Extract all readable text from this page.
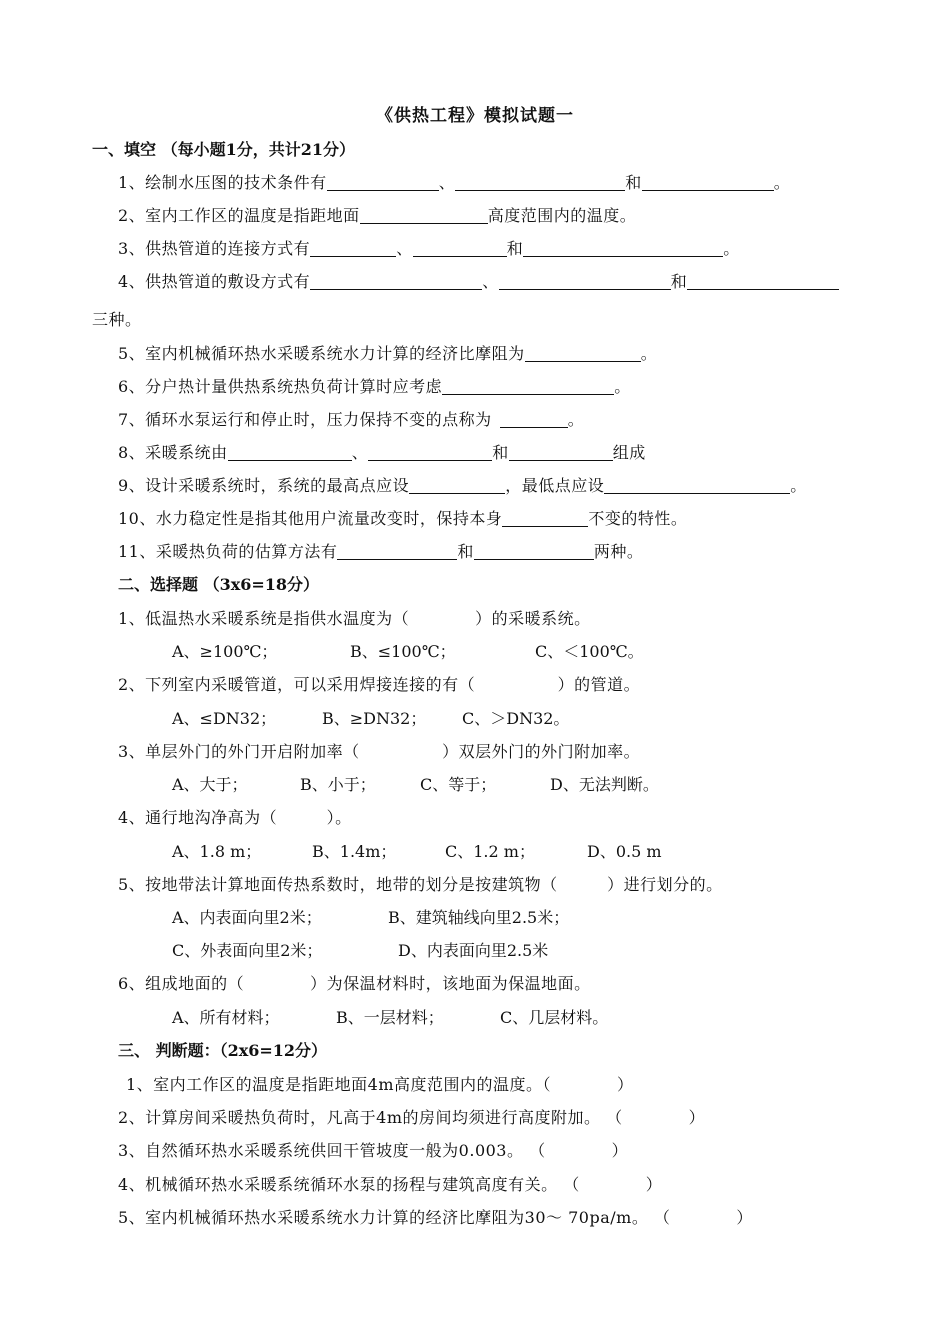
《供热工程》模拟试题一
一、填空 （每小题1分，共计21分）
1、绘制水压图的技术条件有	、	和	。
2、室内工作区的温度是指距地面	高度范围内的温度。
3、供热管道的连接方式有	、	和	。
4、供热管道的敷设方式有	、	和
三种。
5、室内机械循环热水采暖系统水力计算的经济比摩阻为	。
6、分户热计量供热系统热负荷计算时应考虑	。
7、循环水泵运行和停止时，压力保持不变的点称为	。
8、采暖系统由	、	和	组成
9、设计采暖系统时，系统的最高点应设	，最低点应设	。
10、水力稳定性是指其他用户流量改变时，保持本身	不变的特性。
11、采暖热负荷的估算方法有	和	两种。
二、选择题 （3x6=18分）
1、低温热水采暖系统是指供水温度为（　　　　）的采暖系统。
A、≥100℃；	B、≤100℃；	C、＜100℃。
2、下列室内采暖管道，可以采用焊接连接的有（　　　　　）的管道。
A、≤DN32；	B、≥DN32； C、＞DN32。
3、单层外门的外门开启附加率（　　　　　）双层外门的外门附加率。
A、大于；	B、小于；	C、等于；	D、无法判断。
4、通行地沟净高为（　　　）。
A、1.8 m；	B、1.4m；	C、1.2 m；	D、0.5 m
5、按地带法计算地面传热系数时，地带的划分是按建筑物（　　　）进行划分的。
A、内表面向里2米；	B、建筑轴线向里2.5米；
C、外表面向里2米；	D、内表面向里2.5米
6、组成地面的（　　　　）为保温材料时，该地面为保温地面。
A、所有材料；	B、一层材料；	C、几层材料。
三、 判断题：（2x6=12分）
1、室内工作区的温度是指距地面4m高度范围内的温度。（　　　　）
2、计算房间采暖热负荷时，凡高于4m的房间均须进行高度附加。 （　　　　）
3、自然循环热水采暖系统供回干管坡度一般为0.003。 （　　　　）
4、机械循环热水采暖系统循环水泵的扬程与建筑高度有关。 （　　　　）
5、室内机械循环热水采暖系统水力计算的经济比摩阻为30～ 70pa/m。 （　　　　）
